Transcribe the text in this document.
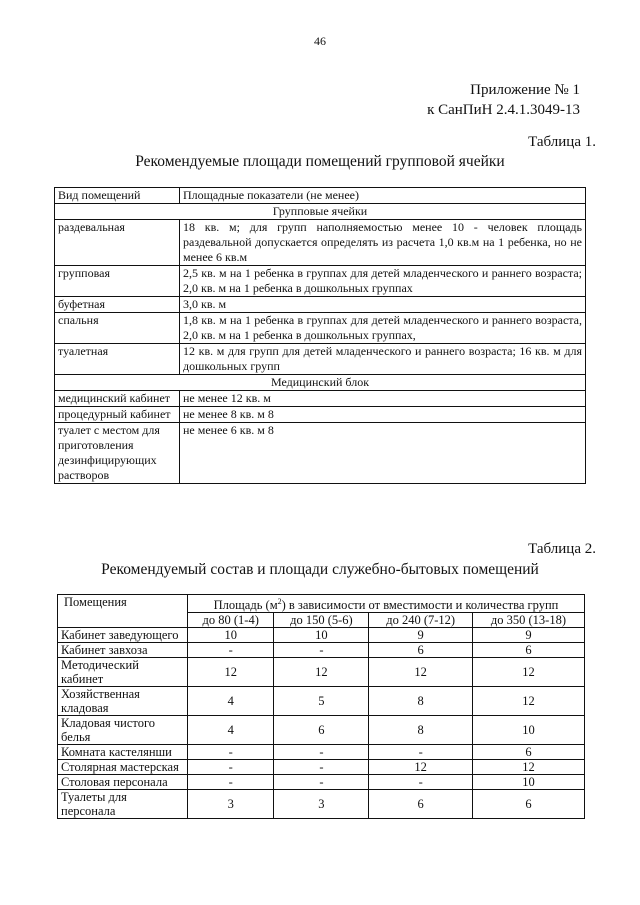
46
Приложение № 1
к СанПиН 2.4.1.3049-13
Таблица 1.
Рекомендуемые площади помещений групповой ячейки
Вид помещений	Площадные показатели (не менее)
Групповые ячейки	
раздевальная	18 кв. м; для групп наполняемостью менее 10 - человек площадь раздевальной допускается определять из расчета 1,0 кв.м на 1 ребенка, но не менее 6 кв.м
групповая	2,5 кв. м на 1 ребенка в группах для детей младенческого и раннего возраста; 2,0 кв. м на 1 ребенка в дошкольных группах
буфетная	3,0 кв. м
спальня	1,8 кв. м на 1 ребенка в группах для детей младенческого и раннего возраста, 2,0 кв. м на 1 ребенка в дошкольных группах,
туалетная	12 кв. м для групп для детей младенческого и раннего возраста; 16 кв. м для дошкольных групп
Медицинский блок	
медицинский кабинет	не менее 12 кв. м
процедурный кабинет	не менее 8 кв. м 8
туалет с местом для приготовления дезинфицирующих растворов	не менее 6 кв. м 8
Таблица 2.
Рекомендуемый состав и площади служебно-бытовых помещений
Помещения	Площадь $(м^2)$ в зависимости от вместимости и количества групп			
	до 80 (1-4)	до 150 (5-6)	до 240 (7-12)	до 350 (13-18)
Кабинет заведующего	10	10	9	9
Кабинет завхоза	-	-	6	6
Методический кабинет	12	12	12	12
Хозяйственная кладовая	4	5	8	12
Кладовая чистого белья	4	6	8	10
Комната кастелянши	-	-	-	6
Столярная мастерская	-	-	12	12
Столовая персонала	-	-	-	10
Туалеты для персонала	3	3	6	6
